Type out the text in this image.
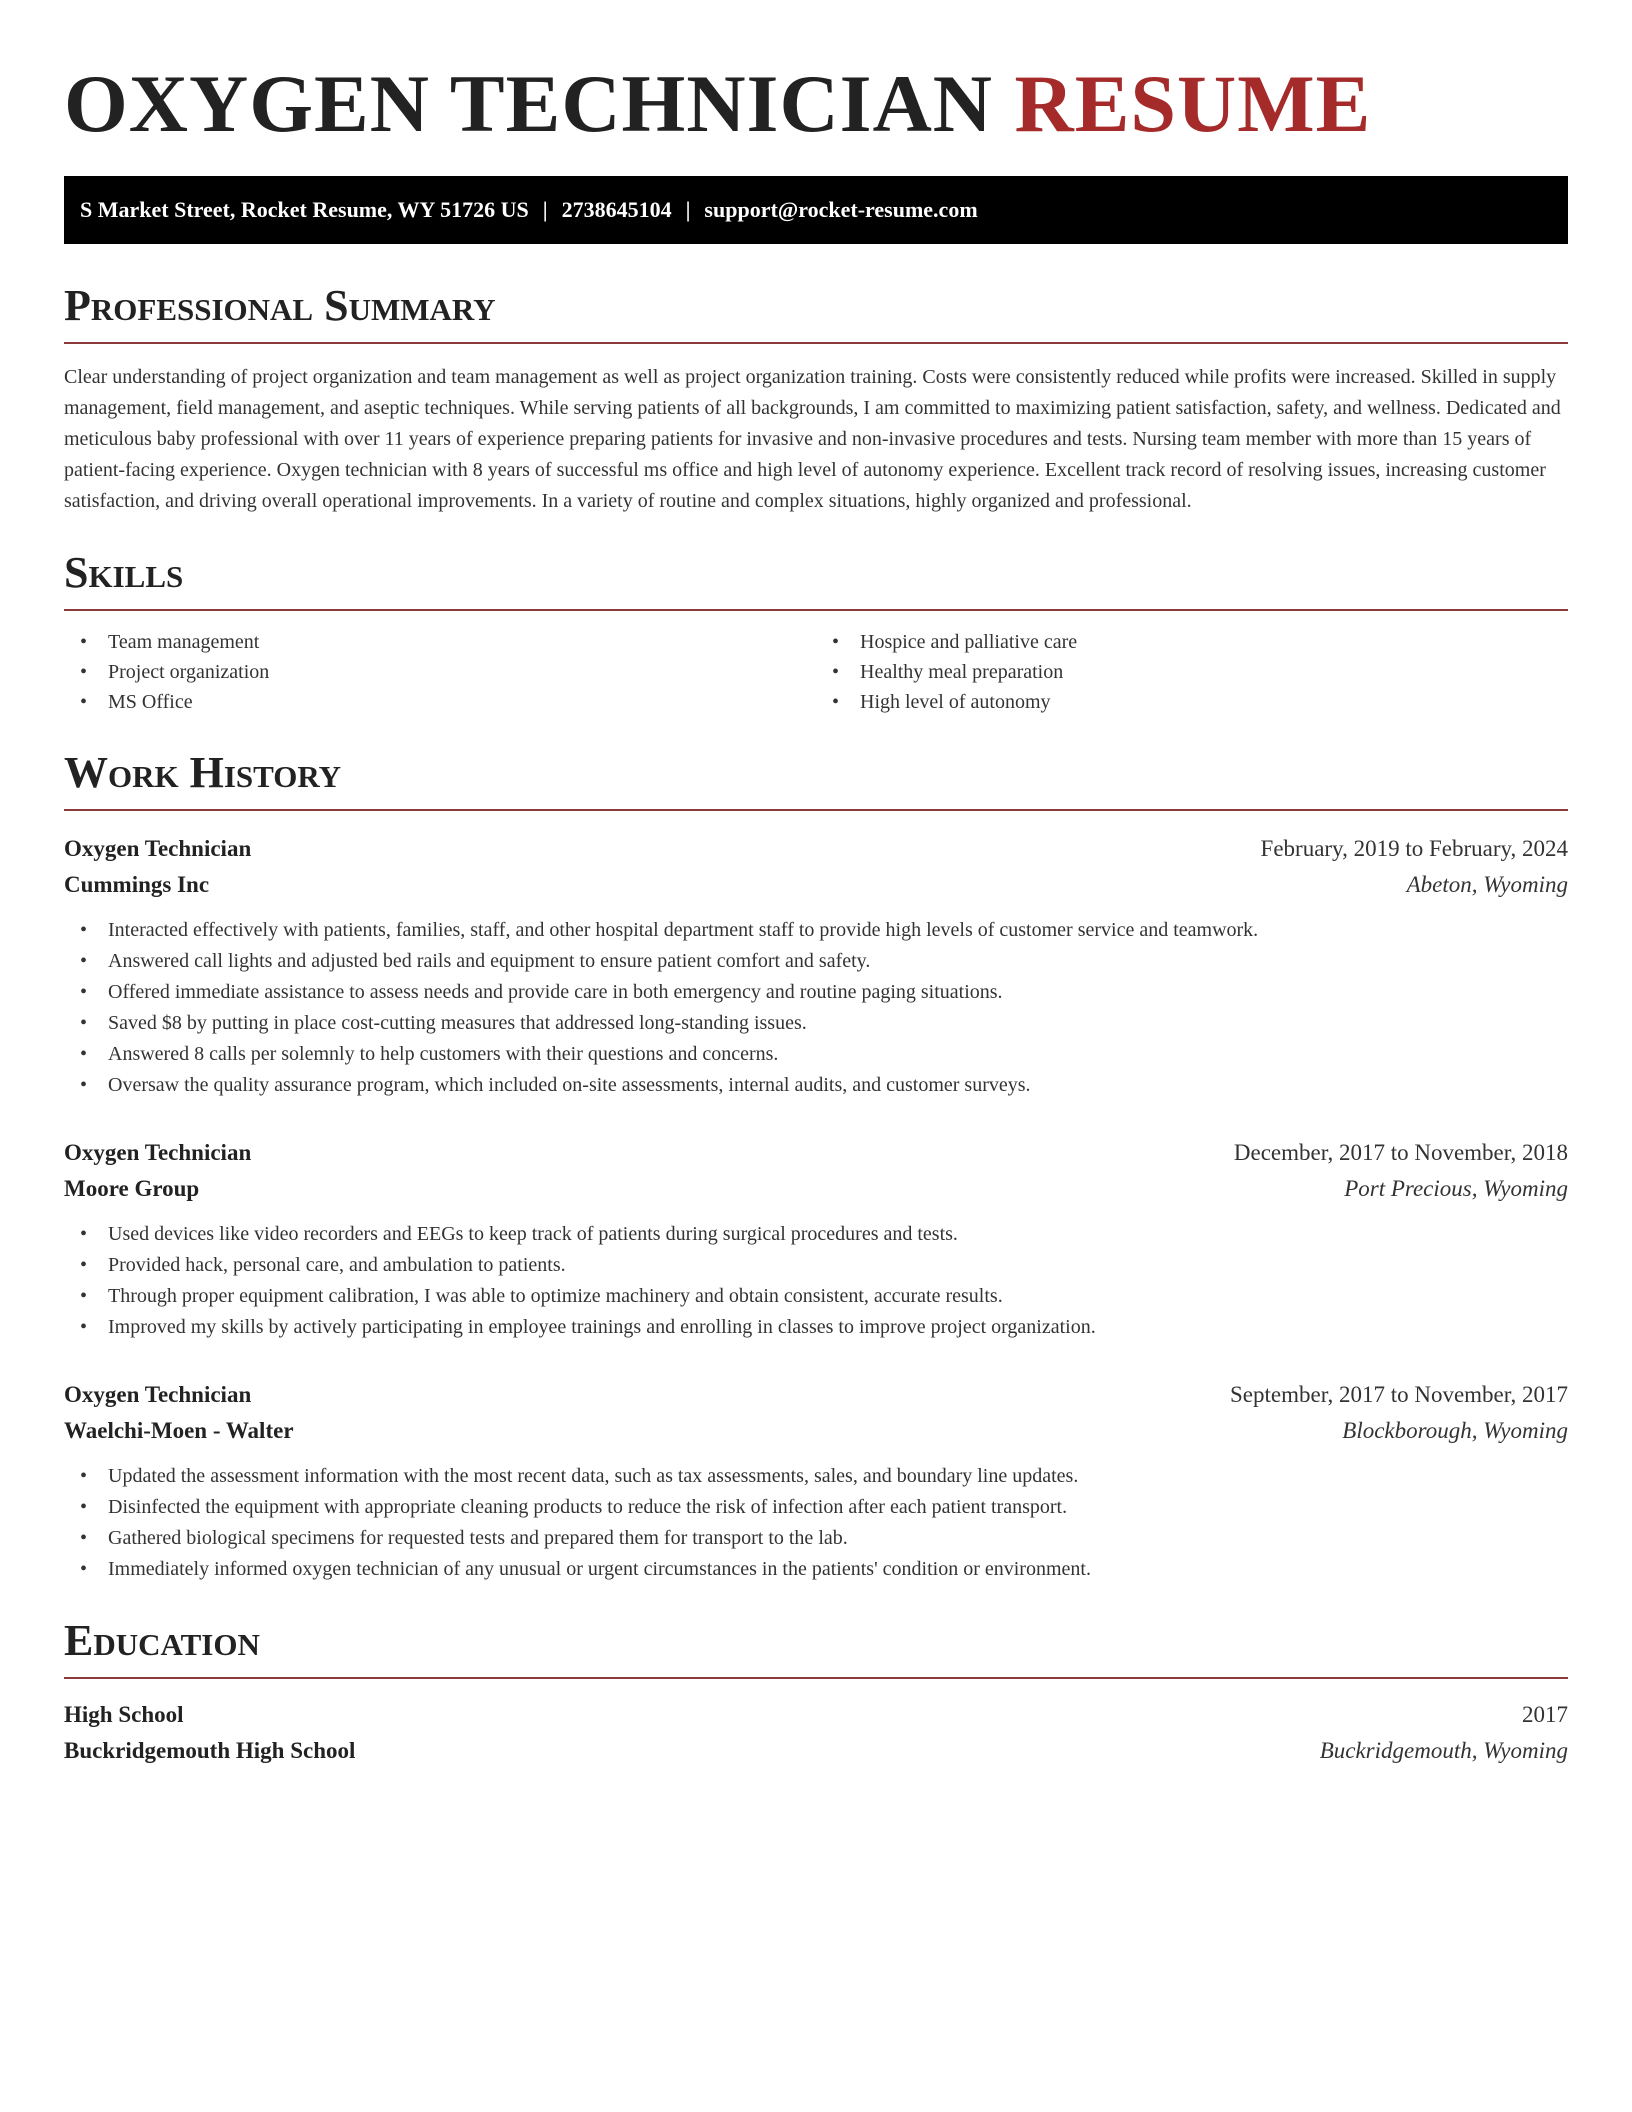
OXYGEN TECHNICIAN RESUME
S Market Street, Rocket Resume, WY 51726 US | 2738645104 | support@rocket-resume.com
Professional Summary

Clear understanding of project organization and team management as well as project organization training. Costs were consistently reduced while profits were increased. Skilled in supply management, field management, and aseptic techniques. While serving patients of all backgrounds, I am committed to maximizing patient satisfaction, safety, and wellness. Dedicated and meticulous baby professional with over 11 years of experience preparing patients for invasive and non-invasive procedures and tests. Nursing team member with more than 15 years of patient-facing experience. Oxygen technician with 8 years of successful ms office and high level of autonomy experience. Excellent track record of resolving issues, increasing customer satisfaction, and driving overall operational improvements. In a variety of routine and complex situations, highly organized and professional.

Skills
• Team management
• Project organization
• MS Office
• Hospice and palliative care
• Healthy meal preparation
• High level of autonomy
Work History
Oxygen Technician	February, 2019 to February, 2024
Cummings Inc	Abeton, Wyoming
• Interacted effectively with patients, families, staff, and other hospital department staff to provide high levels of customer service and teamwork.
• Answered call lights and adjusted bed rails and equipment to ensure patient comfort and safety.
• Offered immediate assistance to assess needs and provide care in both emergency and routine paging situations.
• Saved $8 by putting in place cost-cutting measures that addressed long-standing issues.
• Answered 8 calls per solemnly to help customers with their questions and concerns.
• Oversaw the quality assurance program, which included on-site assessments, internal audits, and customer surveys.
Oxygen Technician	December, 2017 to November, 2018
Moore Group	Port Precious, Wyoming
• Used devices like video recorders and EEGs to keep track of patients during surgical procedures and tests.
• Provided hack, personal care, and ambulation to patients.
• Through proper equipment calibration, I was able to optimize machinery and obtain consistent, accurate results.
• Improved my skills by actively participating in employee trainings and enrolling in classes to improve project organization.
Oxygen Technician	September, 2017 to November, 2017
Waelchi-Moen - Walter	Blockborough, Wyoming
• Updated the assessment information with the most recent data, such as tax assessments, sales, and boundary line updates.
• Disinfected the equipment with appropriate cleaning products to reduce the risk of infection after each patient transport.
• Gathered biological specimens for requested tests and prepared them for transport to the lab.
• Immediately informed oxygen technician of any unusual or urgent circumstances in the patients' condition or environment.
Education
High School	2017
Buckridgemouth High School	Buckridgemouth, Wyoming
